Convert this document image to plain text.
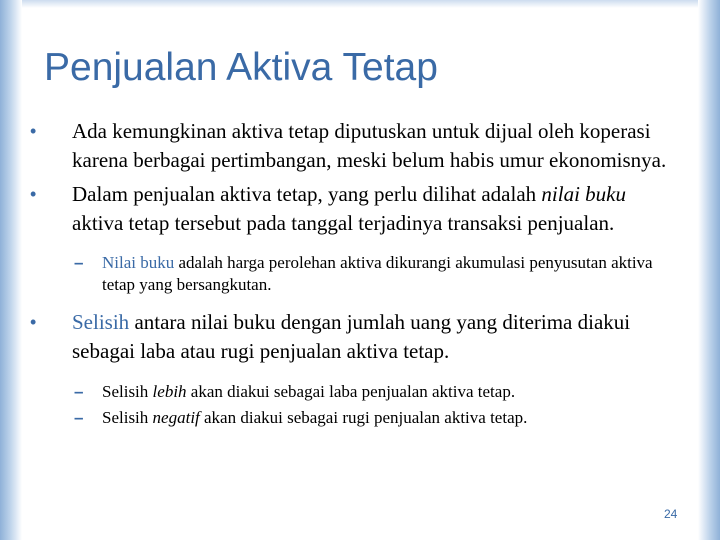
Penjualan Aktiva Tetap

• Ada kemungkinan aktiva tetap diputuskan untuk dijual oleh koperasi karena berbagai pertimbangan, meski belum habis umur ekonomisnya.

• Dalam penjualan aktiva tetap, yang perlu dilihat adalah nilai buku aktiva tetap tersebut pada tanggal terjadinya transaksi penjualan.

– Nilai buku adalah harga perolehan aktiva dikurangi akumulasi penyusutan aktiva tetap yang bersangkutan.

• Selisih antara nilai buku dengan jumlah uang yang diterima diakui sebagai laba atau rugi penjualan aktiva tetap.

– Selisih lebih akan diakui sebagai laba penjualan aktiva tetap.

– Selisih negatif akan diakui sebagai rugi penjualan aktiva tetap.

24
